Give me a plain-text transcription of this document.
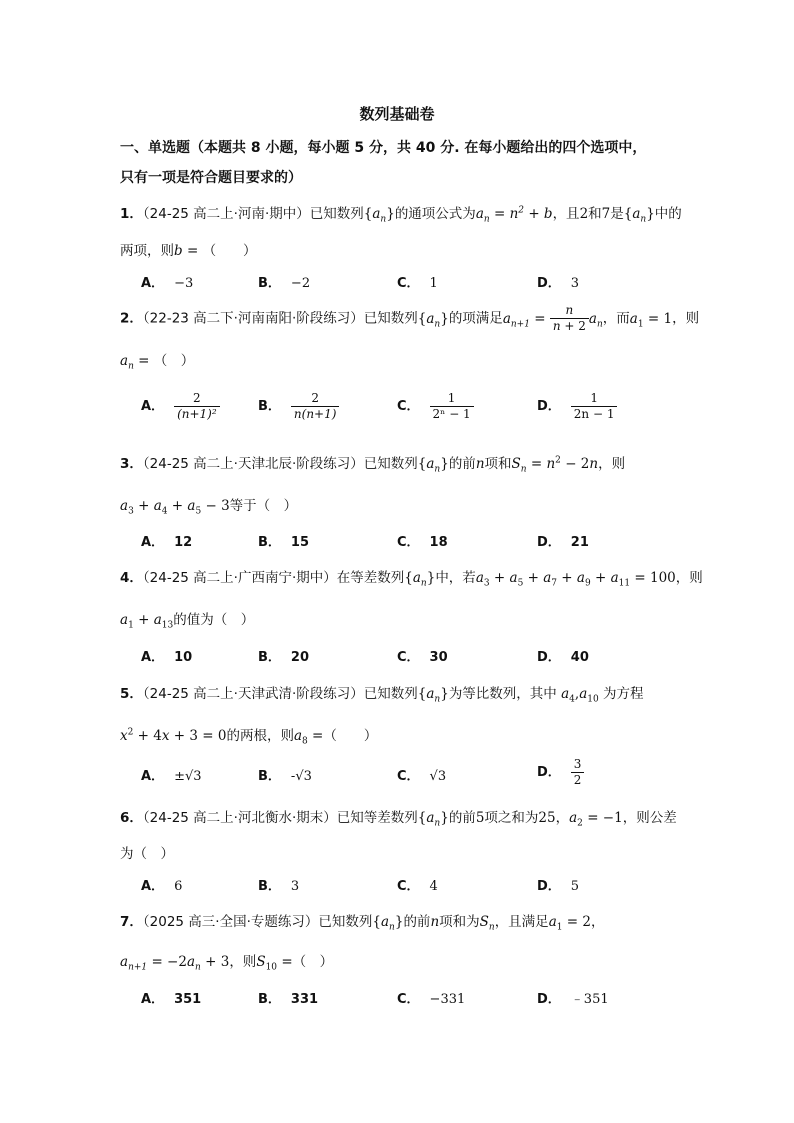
数列基础卷
一、单选题（本题共 8 小题，每小题 5 分，共 40 分. 在每小题给出的四个选项中，
只有一项是符合题目要求的）
1．（24-25 高二上·河南·期中）已知数列$\{a_n\}$的通项公式为$a_n = n^2 + b$，且2和7是$\{a_n\}$中的
两项，则b = （　　）
A． −3	B． −2	C． 1	D． 3
2．（22-23 高二下·河南南阳·阶段练习）已知数列$\{a_n\}$的项满足$a_{n+1} = \frac{n}{n + 2} a_n$，而$a_1 = 1$，则
$a_n$ = （　）
A． $\frac{2}{\text{(n+1)²}}$	B． $\frac{2}{n(n+1)}$	C． $\frac{1}{\text{2ⁿ − 1}}$	D． $\frac{1}{2n - 1}$
3．（24-25 高二上·天津北辰·阶段练习）已知数列$\{a_n\}$的前n项和$S_n = n^2 - 2n$，则
$a_3 + a_4 + a_5 - 3$等于（　）
A． 12	B． 15	C． 18	D． 21
4．（24-25 高二上·广西南宁·期中）在等差数列$\{a_n\}$中，若$a_3 + a_5 + a_7 + a_9 + a_{11} = 100$，则
$a_1 + a_{13}$的值为（　）
A． 10	B． 20	C． 30	D． 40
5．（24-25 高二上·天津武清·阶段练习）已知数列$\{a_n\}$为等比数列，其中 $a_4,a_{10}$ 为方程
$x^2 + 4x + 3 = 0$的两根，则$a_8$ =（　　）
A． ±√3	B． -√3	C． √3	D． $\frac{3}{2}$
6．（24-25 高二上·河北衡水·期末）已知等差数列$\{a_n\}$的前5项之和为25，$a_2 = -1$，则公差
为（　）
A． 6	B． 3	C． 4	D． 5
7．（2025 高三·全国·专题练习）已知数列$\{a_n\}$的前n项和为$S_n$，且满足$a_1 = 2$，
$a_{n+1} = -2a_n + 3$，则$S_{10}$ =（　）
A． 351	B． 331	C． −331	D． ﹣351
